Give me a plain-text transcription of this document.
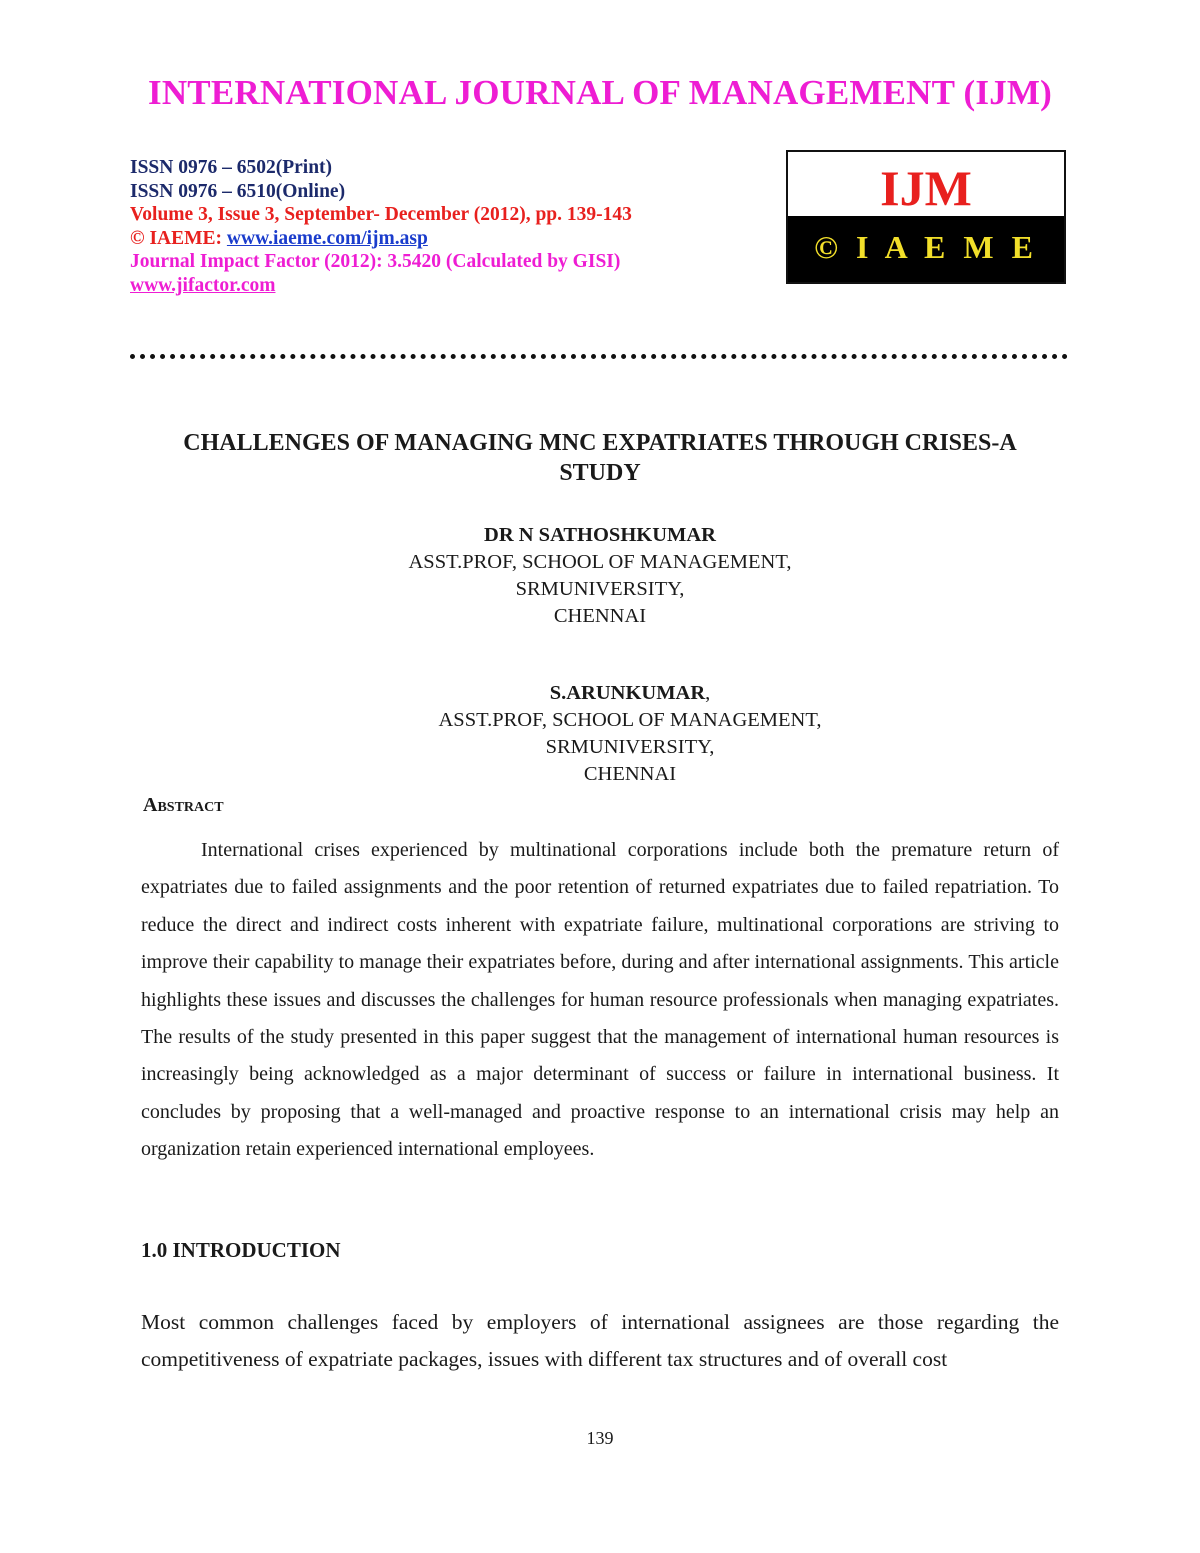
INTERNATIONAL JOURNAL OF MANAGEMENT (IJM)
ISSN 0976 – 6502(Print)
ISSN 0976 – 6510(Online)
Volume 3, Issue 3, September- December (2012), pp. 139-143
© IAEME: www.iaeme.com/ijm.asp
Journal Impact Factor (2012): 3.5420 (Calculated by GISI)
www.jifactor.com
IJM
© I A E M E
CHALLENGES OF MANAGING MNC EXPATRIATES THROUGH CRISES-A STUDY
DR N SATHOSHKUMAR
ASST.PROF, SCHOOL OF MANAGEMENT,
SRMUNIVERSITY,
CHENNAI
S.ARUNKUMAR,
ASST.PROF, SCHOOL OF MANAGEMENT,
SRMUNIVERSITY,
CHENNAI
Abstract

International crises experienced by multinational corporations include both the premature return of expatriates due to failed assignments and the poor retention of returned expatriates due to failed repatriation. To reduce the direct and indirect costs inherent with expatriate failure, multinational corporations are striving to improve their capability to manage their expatriates before, during and after international assignments. This article highlights these issues and discusses the challenges for human resource professionals when managing expatriates. The results of the study presented in this paper suggest that the management of international human resources is increasingly being acknowledged as a major determinant of success or failure in international business. It concludes by proposing that a well-managed and proactive response to an international crisis may help an organization retain experienced international employees.

1.0 INTRODUCTION

Most common challenges faced by employers of international assignees are those regarding the competitiveness of expatriate packages, issues with different tax structures and of overall cost

139
